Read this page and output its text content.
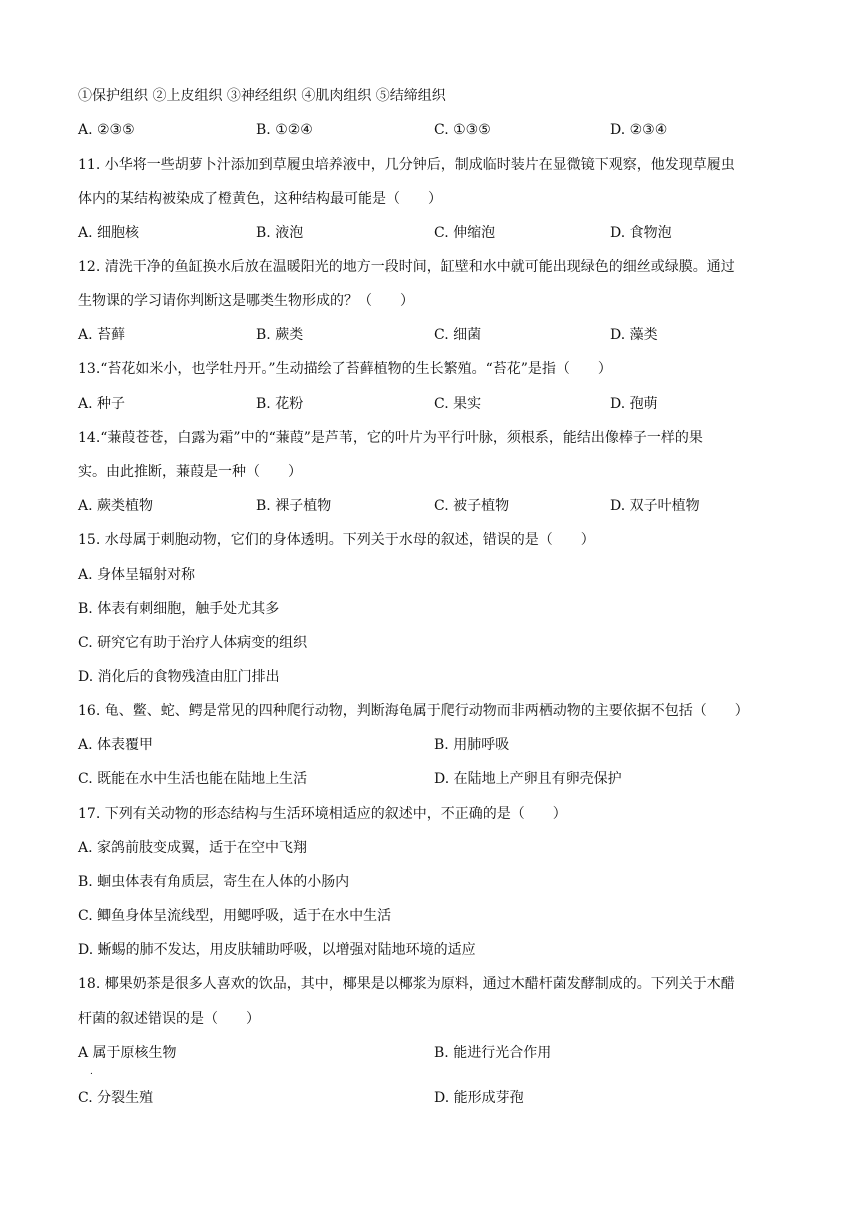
①保护组织 ②上皮组织 ③神经组织 ④肌肉组织 ⑤结缔组织
A. ②③⑤	B. ①②④	C. ①③⑤	D. ②③④
11. 小华将一些胡萝卜汁添加到草履虫培养液中，几分钟后，制成临时装片在显微镜下观察，他发现草履虫
体内的某结构被染成了橙黄色，这种结构最可能是（　　）
A. 细胞核	B. 液泡	C. 伸缩泡	D. 食物泡
12. 清洗干净的鱼缸换水后放在温暖阳光的地方一段时间，缸壁和水中就可能出现绿色的细丝或绿膜。通过
生物课的学习请你判断这是哪类生物形成的？（　　）
A. 苔藓	B. 蕨类	C. 细菌	D. 藻类
13.“苔花如米小，也学牡丹开。”生动描绘了苔藓植物的生长繁殖。“苔花”是指（　　）
A. 种子	B. 花粉	C. 果实	D. 孢萌
14.“蒹葭苍苍，白露为霜”中的“蒹葭”是芦苇，它的叶片为平行叶脉，须根系，能结出像棒子一样的果
实。由此推断，蒹葭是一种（　　）
A. 蕨类植物	B. 裸子植物	C. 被子植物	D. 双子叶植物
15. 水母属于刺胞动物，它们的身体透明。下列关于水母的叙述，错误的是（　　）
A. 身体呈辐射对称
B. 体表有刺细胞，触手处尤其多
C. 研究它有助于治疗人体病变的组织
D. 消化后的食物残渣由肛门排出
16. 龟、鳖、蛇、鳄是常见的四种爬行动物，判断海龟属于爬行动物而非两栖动物的主要依据不包括（　　）
A. 体表覆甲	B. 用肺呼吸
C. 既能在水中生活也能在陆地上生活	D. 在陆地上产卵且有卵壳保护
17. 下列有关动物的形态结构与生活环境相适应的叙述中，不正确的是（　　）
A. 家鸽前肢变成翼，适于在空中飞翔
B. 蛔虫体表有角质层，寄生在人体的小肠内
C. 鲫鱼身体呈流线型，用鳃呼吸，适于在水中生活
D. 蜥蜴的肺不发达，用皮肤辅助呼吸，以增强对陆地环境的适应
18. 椰果奶茶是很多人喜欢的饮品，其中，椰果是以椰浆为原料，通过木醋杆菌发酵制成的。下列关于木醋
杆菌的叙述错误的是（　　）
A 属于原核生物	B. 能进行光合作用
.
C. 分裂生殖	D. 能形成芽孢
